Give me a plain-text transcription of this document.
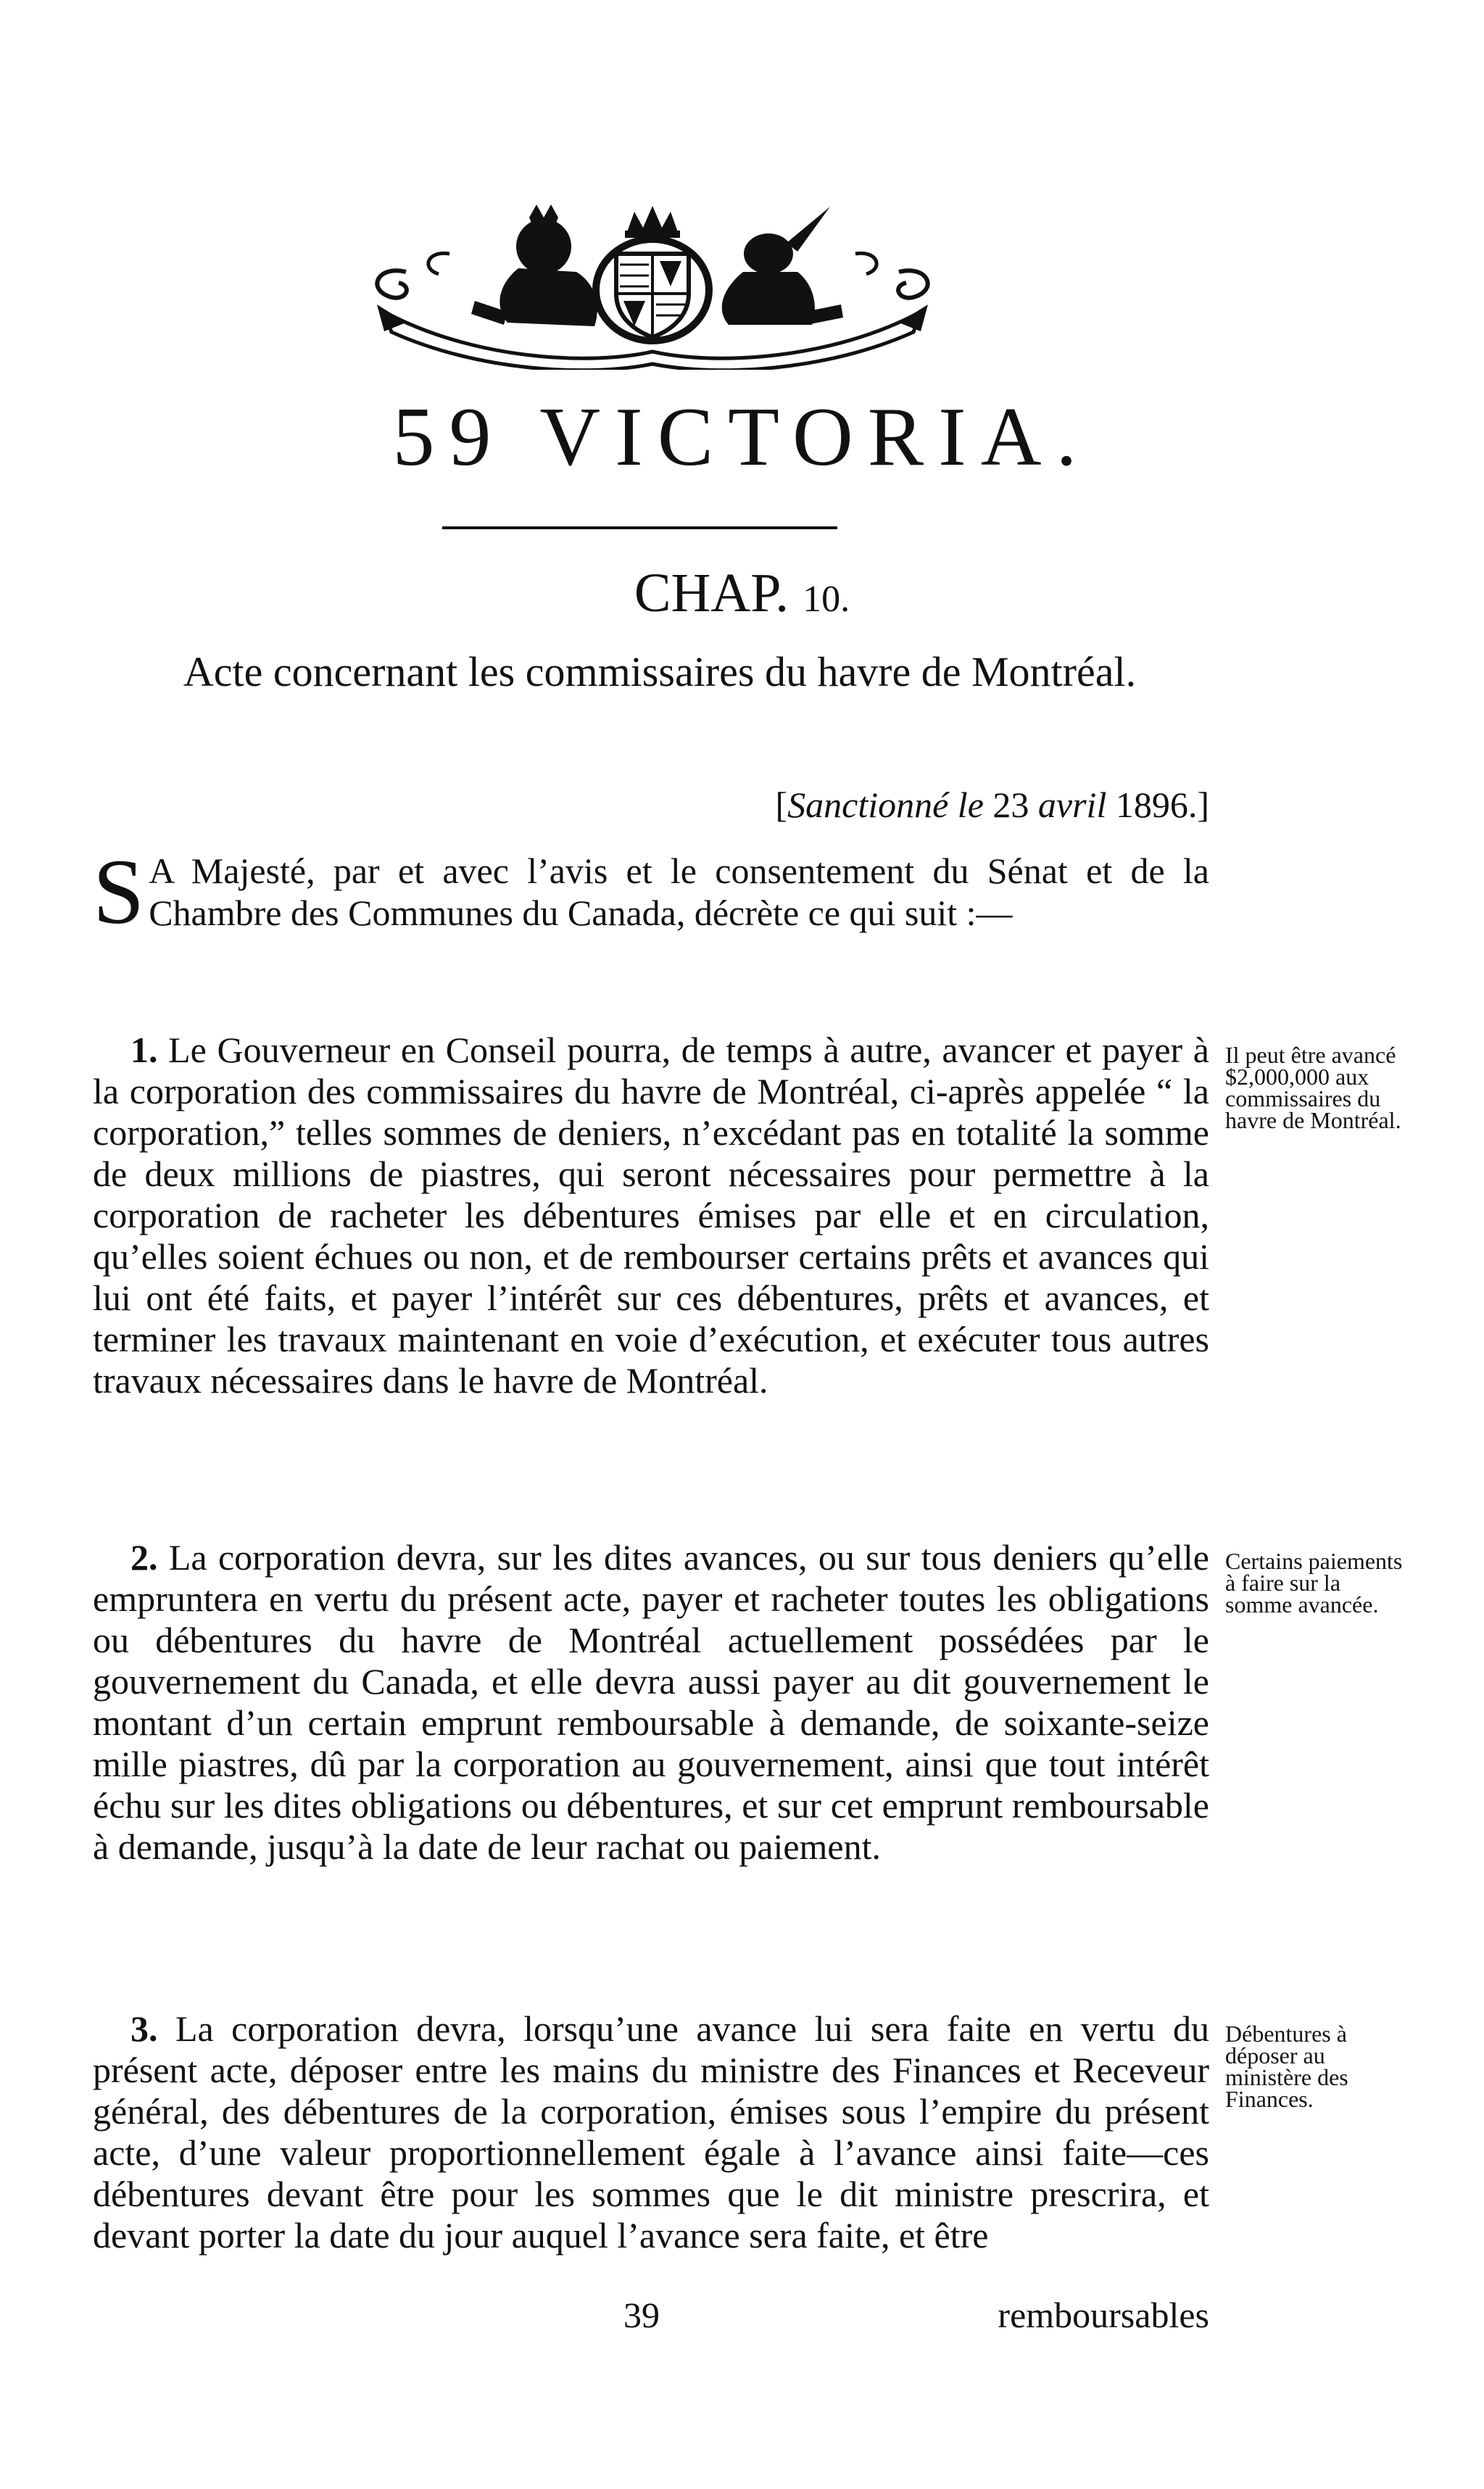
59 VICTORIA.
CHAP. 10.
Acte concernant les commissaires du havre de Montréal.
[Sanctionné le 23 avril 1896.]
S A Majesté, par et avec l’avis et le consentement du Sénat et de la Chambre des Communes du Canada, décrète ce qui suit :—
1. Le Gouverneur en Conseil pourra, de temps à autre, avancer et payer à la corporation des commissaires du havre de Montréal, ci-après appelée “ la corporation,” telles sommes de deniers, n’excédant pas en totalité la somme de deux millions de piastres, qui seront nécessaires pour permettre à la corporation de racheter les débentures émises par elle et en circulation, qu’elles soient échues ou non, et de rembourser certains prêts et avances qui lui ont été faits, et payer l’intérêt sur ces débentures, prêts et avances, et terminer les travaux maintenant en voie d’exécution, et exécuter tous autres travaux nécessaires dans le havre de Montréal.
Il peut être avancé $2,000,000 aux commissaires du havre de Montréal.
2. La corporation devra, sur les dites avances, ou sur tous deniers qu’elle empruntera en vertu du présent acte, payer et racheter toutes les obligations ou débentures du havre de Montréal actuellement possédées par le gouvernement du Canada, et elle devra aussi payer au dit gouvernement le montant d’un certain emprunt remboursable à demande, de soixante-seize mille piastres, dû par la corporation au gouvernement, ainsi que tout intérêt échu sur les dites obligations ou débentures, et sur cet emprunt remboursable à demande, jusqu’à la date de leur rachat ou paiement.
Certains paiements à faire sur la somme avancée.
3. La corporation devra, lorsqu’une avance lui sera faite en vertu du présent acte, déposer entre les mains du ministre des Finances et Receveur général, des débentures de la corporation, émises sous l’empire du présent acte, d’une valeur proportionnellement égale à l’avance ainsi faite—ces débentures devant être pour les sommes que le dit ministre prescrira, et devant porter la date du jour auquel l’avance sera faite, et être
Débentures à déposer au ministère des Finances.
39	remboursables
